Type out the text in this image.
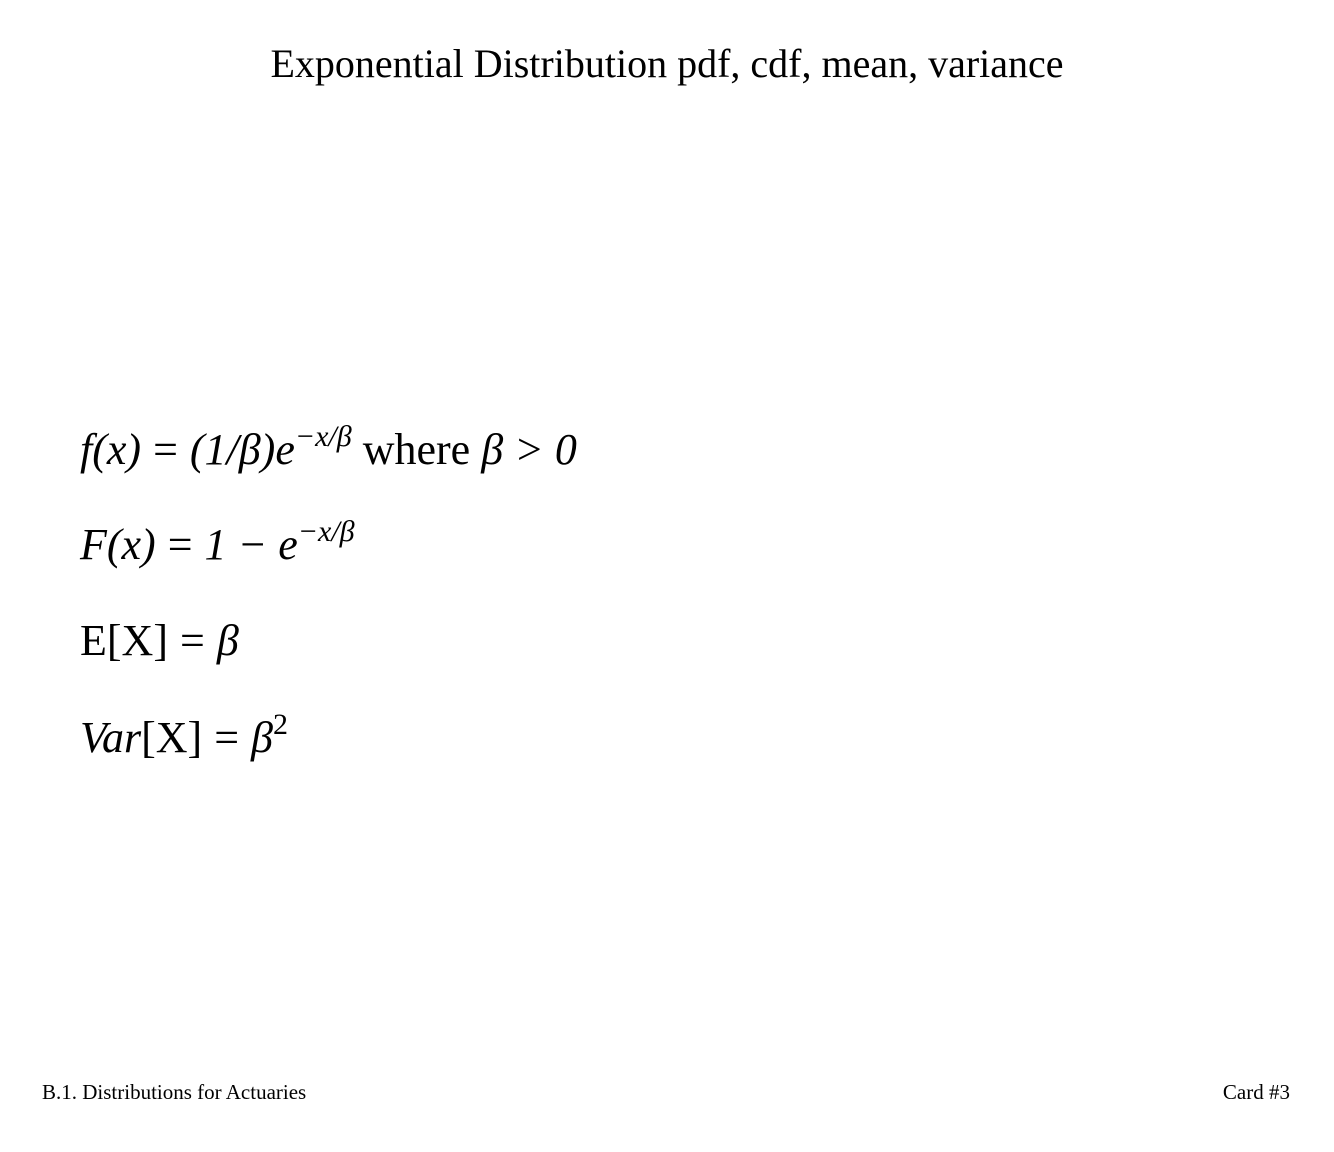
Exponential Distribution pdf, cdf, mean, variance
$f(x) = (1/\beta)e^{-x/\beta}$ where β > 0
$F(x) = 1 - e^{-x/\beta}$
E[X] = β
$Var[X] = \beta^2$
B.1. Distributions for Actuaries	Card #3
